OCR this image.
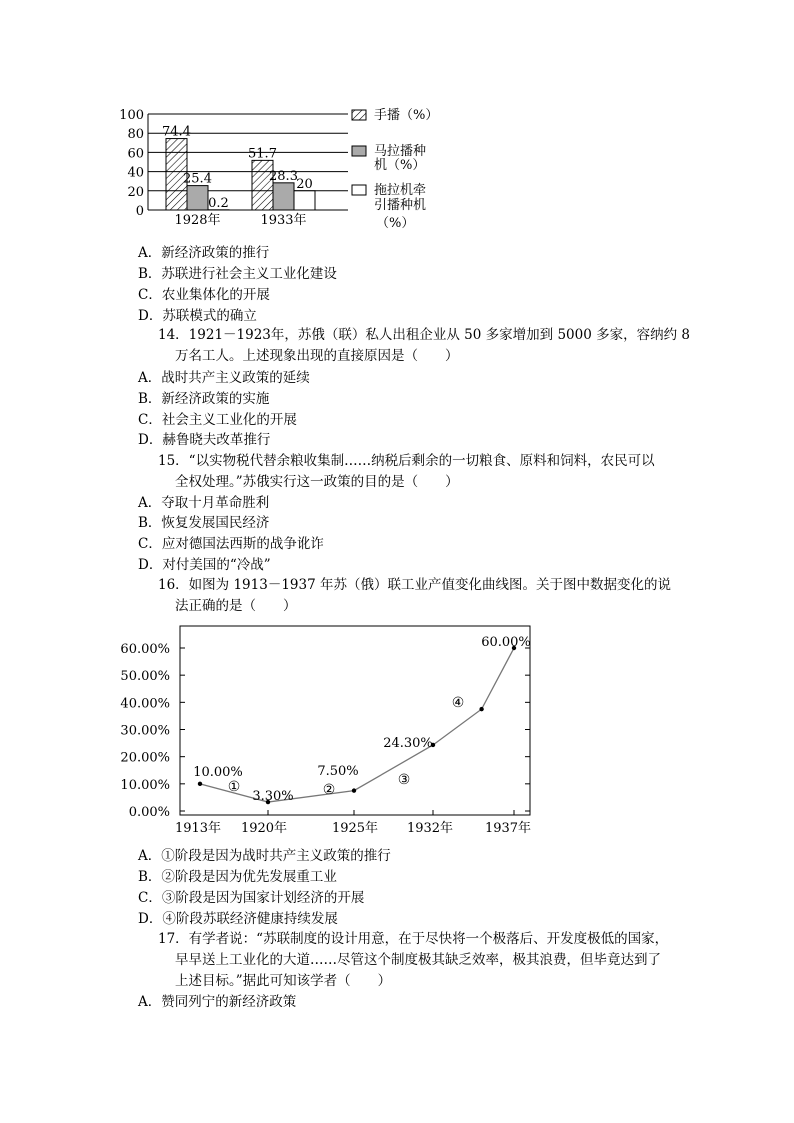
100
80
60
40
20
0
74.4
25.4
0.2
1928年
51.7
28.3
20
1933年
手播（%）
马拉播种
机（%）
拖拉机牵
引播种机
（%）
A．新经济政策的推行
B．苏联进行社会主义工业化建设
C．农业集体化的开展
D．苏联模式的确立
14．1921－1923年，苏俄（联）私人出租企业从 50 多家增加到 5000 多家，容纳约 8
万名工人。上述现象出现的直接原因是（　　）
A．战时共产主义政策的延续
B．新经济政策的实施
C．社会主义工业化的开展
D．赫鲁晓夫改革推行
15．“以实物税代替余粮收集制……纳税后剩余的一切粮食、原料和饲料，农民可以
全权处理。”苏俄实行这一政策的目的是（　　）
A．夺取十月革命胜利
B．恢复发展国民经济
C．应对德国法西斯的战争讹诈
D．对付美国的“冷战”
16．如图为 1913－1937 年苏（俄）联工业产值变化曲线图。关于图中数据变化的说
法正确的是（　　）
60.00%
50.00%
40.00%
30.00%
20.00%
10.00%
0.00%
1913年 1920年	1925年 1932年 1937年
10.00%
3.30%
7.50%
24.30%
60.00%
①	②
③
④
A．①阶段是因为战时共产主义政策的推行
B．②阶段是因为优先发展重工业
C．③阶段是因为国家计划经济的开展
D．④阶段苏联经济健康持续发展
17．有学者说：“苏联制度的设计用意，在于尽快将一个极落后、开发度极低的国家，
早早送上工业化的大道……尽管这个制度极其缺乏效率，极其浪费，但毕竟达到了
上述目标。”据此可知该学者（　　）
A．赞同列宁的新经济政策
